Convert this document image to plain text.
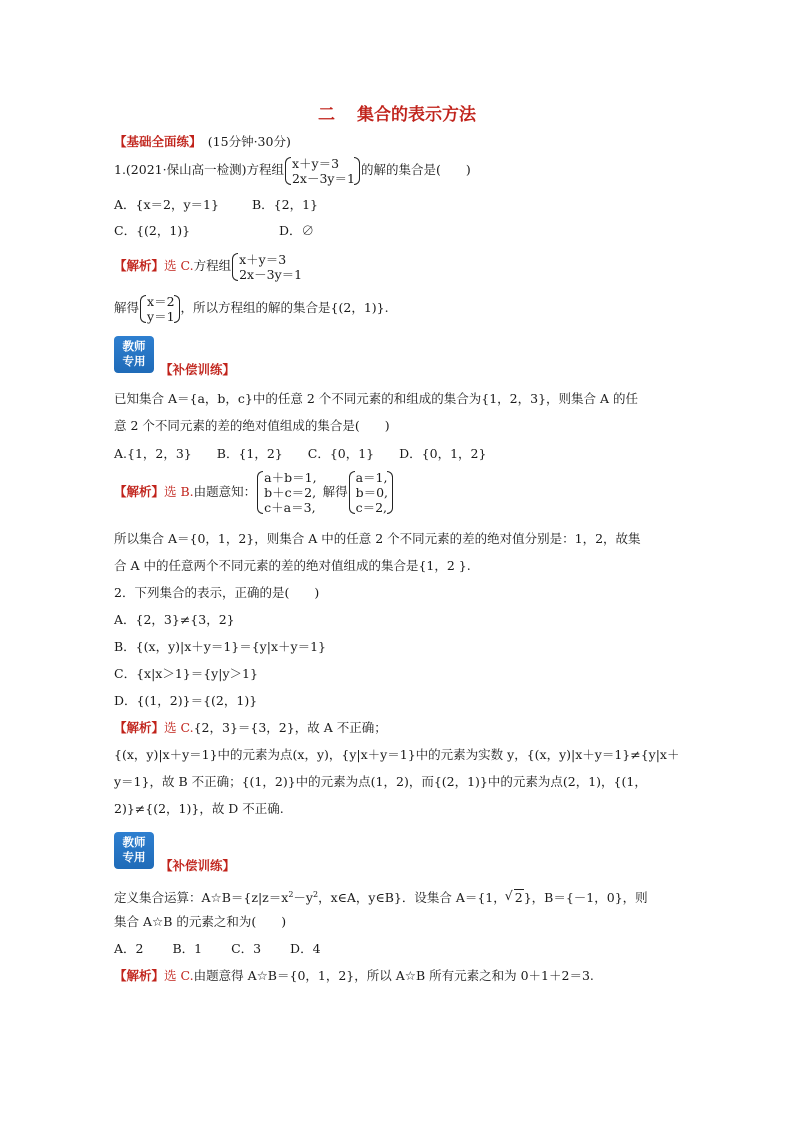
二 集合的表示方法
【基础全面练】　 (15分钟·30分)
1.(2021·保山高一检测)方程组 x＋y＝3
2x－3y＝1
的解的集合是(　　)
A．{x＝2，y＝1}	B．{2，1}
C．{(2，1)}	D．∅
【解析】选 C.方程组 x＋y＝3
2x－3y＝1
解得 x＝2
y＝1
，所以方程组的解的集合是{(2，1)}.
教师
专用
【补偿训练】
已知集合 A＝{a，b，c}中的任意 2 个不同元素的和组成的集合为{1，2，3}，则集合 A 的任
意 2 个不同元素的差的绝对值组成的集合是(　　)
A.{1，2，3}　　B．{1，2}　　C．{0，1}　　D．{0，1，2}
【解析】选 B.由题意知：
a＋b＝1,
b＋c＝2,
c＋a＝3,
解得
a＝1,
b＝0,
c＝2,
所以集合 A＝{0，1，2}，则集合 A 中的任意 2 个不同元素的差的绝对值分别是：1，2，故集
合 A 中的任意两个不同元素的差的绝对值组成的集合是{1，2 }.
2．下列集合的表示，正确的是(　　)
A．{2，3}≠{3，2}
B．{(x，y)|x＋y＝1}＝{y|x＋y＝1}
C．{x|x＞1}＝{y|y＞1}
D．{(1，2)}＝{(2，1)}
【解析】选 C.{2，3}＝{3，2}，故 A 不正确；
{(x，y)|x＋y＝1}中的元素为点(x，y)，{y|x＋y＝1}中的元素为实数 y，{(x，y)|x＋y＝1}≠{y|x＋
y＝1}，故 B 不正确；{(1，2)}中的元素为点(1，2)，而{(2，1)}中的元素为点(2，1)，{(1，
2)}≠{(2，1)}，故 D 不正确.
教师
专用
【补偿训练】
定义集合运算：$A☆B=\{z|z=x^2-y^2$，x∈A，y∈B}．设集合 A＝{1，√ 2}，B＝{－1，0}，则
集合 A☆B 的元素之和为(　　)
A．2　　 B．1　　 C．3　　 D．4
【解析】选 C.由题意得 A☆B＝{0，1，2}，所以 A☆B 所有元素之和为 0＋1＋2＝3.
